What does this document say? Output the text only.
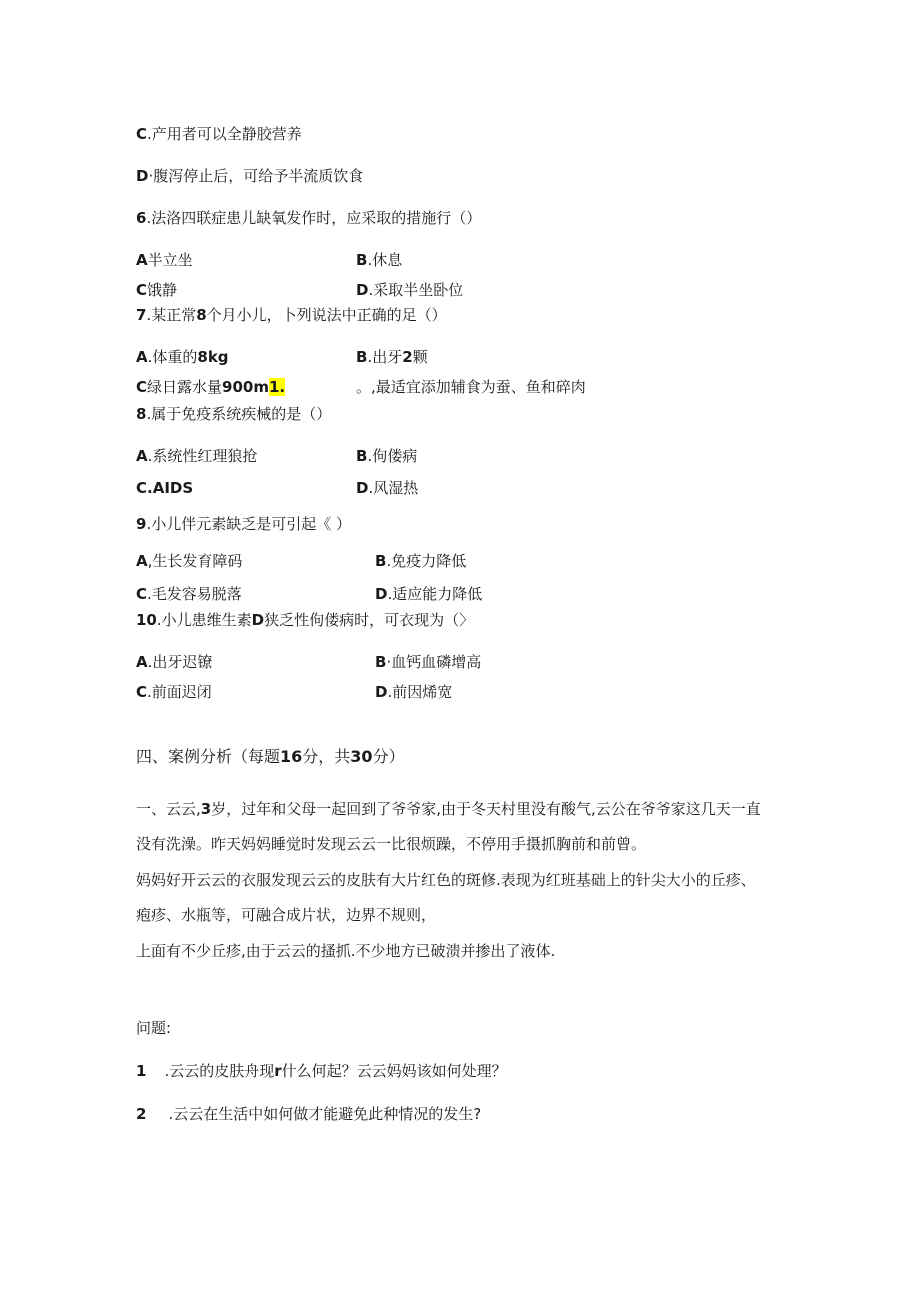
C.产用者可以全静胶营养
D·腹泻停止后，可给予半流质饮食
6.法洛四联症患儿缺氧发作时，应采取的措施行（）
A半立坐	B.休息
C饿静	D.采取半坐卧位
7.某正常8个月小儿，卜列说法中正确的足（）
A.体重的8kg	B.出牙2颗
C绿日露水量900m1.	。,最适宜添加辅食为蚕、鱼和碎肉
8.属于免疫系统疾械的是（）
A.系统性红理狼抢	B.佝偻病
C.AIDS	D.风湿热
9.小儿伴元素缺乏是可引起《 ）
A,生长发育障码	B.免疫力降低
C.毛发容易脱落	D.适应能力降低
10.小儿患维生素D狭乏性佝偻病时，可衣现为（〉
A.出牙迟镣	B·血钙血磷增高
C.前面迟闭	D.前因烯宽
四、案例分析（每题16分，共30分）
一、云云,3岁，过年和父母一起回到了爷爷家,由于冬天村里没有酸气,云公在爷爷家这几天一直
没有洗澡。昨天妈妈睡觉时发现云云一比很烦躁，不停用手摄抓胸前和前曾。
妈妈好开云云的衣服发现云云的皮肤有大片红色的斑修.表现为红班基础上的针尖大小的丘疹、
疱疹、水瓶等，可融合成片状，边界不规则，
上面有不少丘疹,由于云云的搔抓.不少地方已破溃并掺出了液体.
问题:
1 .云云的皮肤舟现r什么何起？云云妈妈该如何处理？
2 .云云在生活中如何做才能避免此种情况的发生?
